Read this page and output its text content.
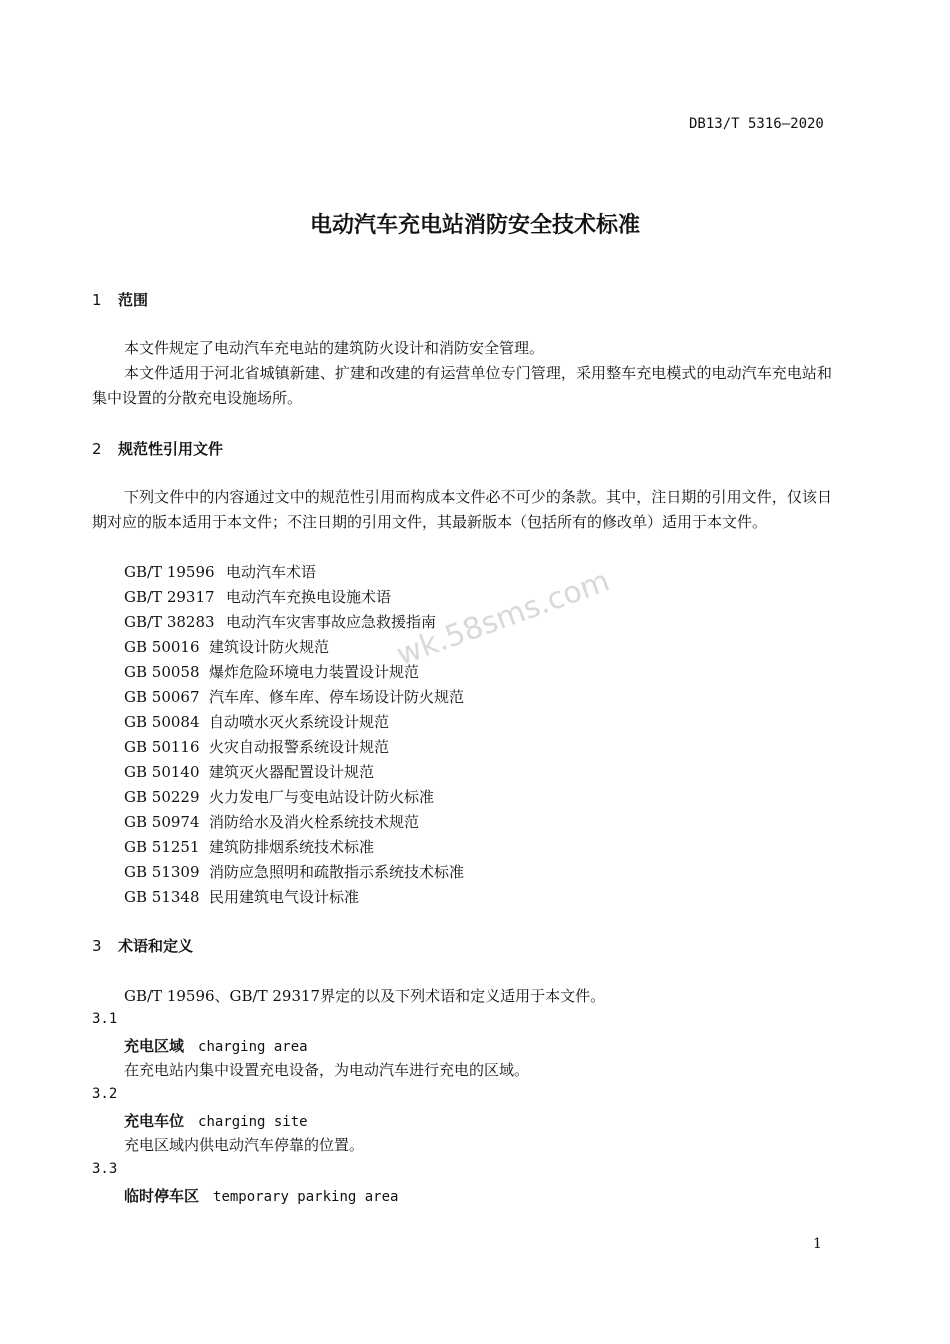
DB13/T 5316—2020
wk.58sms.com
电动汽车充电站消防安全技术标准
1 范围
本文件规定了电动汽车充电站的建筑防火设计和消防安全管理。
本文件适用于河北省城镇新建、扩建和改建的有运营单位专门管理，采用整车充电模式的电动汽车充电站和集中设置的分散充电设施场所。
2 规范性引用文件
下列文件中的内容通过文中的规范性引用而构成本文件必不可少的条款。其中，注日期的引用文件，仅该日期对应的版本适用于本文件；不注日期的引用文件，其最新版本（包括所有的修改单）适用于本文件。
GB/T 19596 电动汽车术语
GB/T 29317 电动汽车充换电设施术语
GB/T 38283 电动汽车灾害事故应急救援指南
GB 50016 建筑设计防火规范
GB 50058 爆炸危险环境电力装置设计规范
GB 50067 汽车库、修车库、停车场设计防火规范
GB 50084 自动喷水灭火系统设计规范
GB 50116 火灾自动报警系统设计规范
GB 50140 建筑灭火器配置设计规范
GB 50229 火力发电厂与变电站设计防火标准
GB 50974 消防给水及消火栓系统技术规范
GB 51251 建筑防排烟系统技术标准
GB 51309 消防应急照明和疏散指示系统技术标准
GB 51348 民用建筑电气设计标准
3 术语和定义
GB/T 19596、GB/T 29317界定的以及下列术语和定义适用于本文件。
3.1
充电区域 charging area
在充电站内集中设置充电设备，为电动汽车进行充电的区域。
3.2
充电车位 charging site
充电区域内供电动汽车停靠的位置。
3.3
临时停车区 temporary parking area
1
